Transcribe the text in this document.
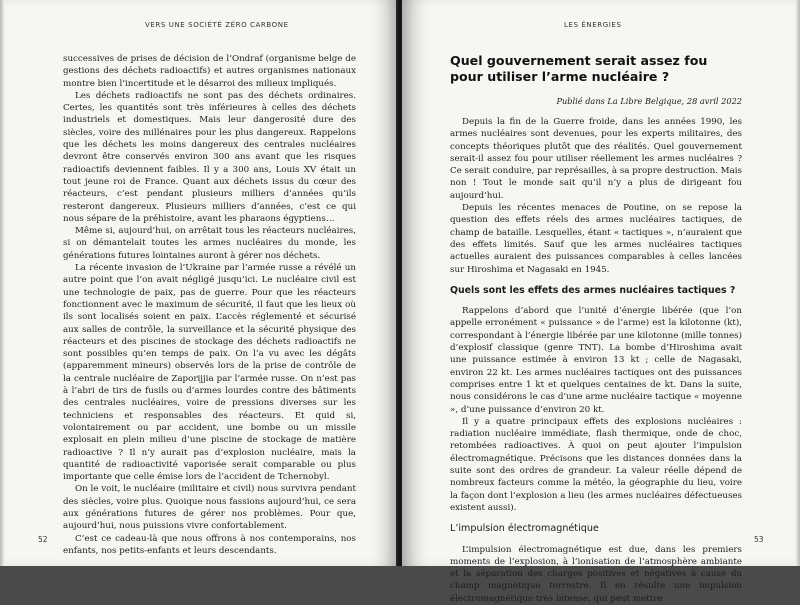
VERS UNE SOCIÉTÉ ZÉRO CARBONE

successives de prises de décision de l’Ondraf (organisme belge de gestions des déchets radioactifs) et autres organismes nationaux montre bien l’incertitude et le désarroi des milieux impliqués.

Les déchets radioactifs ne sont pas des déchets ordinaires. Certes, les quantités sont très inférieures à celles des déchets industriels et domestiques. Mais leur dangerosité dure des siècles, voire des millénaires pour les plus dangereux. Rappelons que les déchets les moins dangereux des centrales nucléaires devront être conservés environ 300 ans avant que les risques radioactifs deviennent faibles. Il y a 300 ans, Louis XV était un tout jeune roi de France. Quant aux déchets issus du cœur des réacteurs, c’est pendant plusieurs milliers d’années qu’ils resteront dangereux. Plusieurs milliers d’années, c’est ce qui nous sépare de la préhistoire, avant les pharaons égyptiens…

Même si, aujourd’hui, on arrêtait tous les réacteurs nucléaires, si on démantelait toutes les armes nucléaires du monde, les générations futures lointaines auront à gérer nos déchets.

La récente invasion de l’Ukraine par l’armée russe a révélé un autre point que l’on avait négligé jusqu’ici. Le nucléaire civil est une technologie de paix, pas de guerre. Pour que les réacteurs fonctionnent avec le maximum de sécurité, il faut que les lieux où ils sont localisés soient en paix. L’accès réglementé et sécurisé aux salles de contrôle, la surveillance et la sécurité physique des réacteurs et des piscines de stockage des déchets radioactifs ne sont possibles qu’en temps de paix. On l’a vu avec les dégâts (apparemment mineurs) observés lors de la prise de contrôle de la centrale nucléaire de Zaporijjia par l’armée russe. On n’est pas à l’abri de tirs de fusils ou d’armes lourdes contre des bâtiments des centrales nucléaires, voire de pressions diverses sur les techniciens et responsables des réacteurs. Et quid si, volontairement ou par accident, une bombe ou un missile explosait en plein milieu d’une piscine de stockage de matière radioactive ? Il n’y aurait pas d’explosion nucléaire, mais la quantité de radioactivité vaporisée serait comparable ou plus importante que celle émise lors de l’accident de Tchernobyl.

On le voit, le nucléaire (militaire et civil) nous survivra pendant des siècles, voire plus. Quoique nous fassions aujourd’hui, ce sera aux générations futures de gérer nos problèmes. Pour que, aujourd’hui, nous puissions vivre confortablement.

C’est ce cadeau-là que nous offrons à nos contemporains, nos enfants, nos petits-enfants et leurs descendants.

52
LES ÉNERGIES
Quel gouvernement serait assez fou pour utiliser l’arme nucléaire ?
Publié dans La Libre Belgique, 28 avril 2022

Depuis la fin de la Guerre froide, dans les années 1990, les armes nucléaires sont devenues, pour les experts militaires, des concepts théoriques plutôt que des réalités. Quel gouvernement serait-il assez fou pour utiliser réellement les armes nucléaires ? Ce serait conduire, par représailles, à sa propre destruction. Mais non ! Tout le monde sait qu’il n’y a plus de dirigeant fou aujourd’hui.

Depuis les récentes menaces de Poutine, on se repose la question des effets réels des armes nucléaires tactiques, de champ de bataille. Lesquelles, étant « tactiques », n’auraient que des effets limités. Sauf que les armes nucléaires tactiques actuelles auraient des puissances comparables à celles lancées sur Hiroshima et Nagasaki en 1945.

Quels sont les effets des armes nucléaires tactiques ?

Rappelons d’abord que l’unité d’énergie libérée (que l’on appelle erronément « puissance » de l’arme) est la kilotonne (kt), correspondant à l’énergie libérée par une kilotonne (mille tonnes) d’explosif classique (genre TNT). La bombe d’Hiroshima avait une puissance estimée à environ 13 kt ; celle de Nagasaki, environ 22 kt. Les armes nucléaires tactiques ont des puissances comprises entre 1 kt et quelques centaines de kt. Dans la suite, nous considérons le cas d’une arme nucléaire tactique « moyenne », d’une puissance d’environ 20 kt.

Il y a quatre principaux effets des explosions nucléaires : radiation nucléaire immédiate, flash thermique, onde de choc, retombées radioactives. À quoi on peut ajouter l’impulsion électromagnétique. Précisons que les distances données dans la suite sont des ordres de grandeur. La valeur réelle dépend de nombreux facteurs comme la météo, la géographie du lieu, voire la façon dont l’explosion a lieu (les armes nucléaires défectueuses existent aussi).

L’impulsion électromagnétique

L’impulsion électromagnétique est due, dans les premiers moments de l’explosion, à l’ionisation de l’atmosphère ambiante et la séparation des charges positives et négatives à cause du champ magnétique terrestre. Il en résulte une impulsion électromagnétique très intense, qui peut mettre

53
